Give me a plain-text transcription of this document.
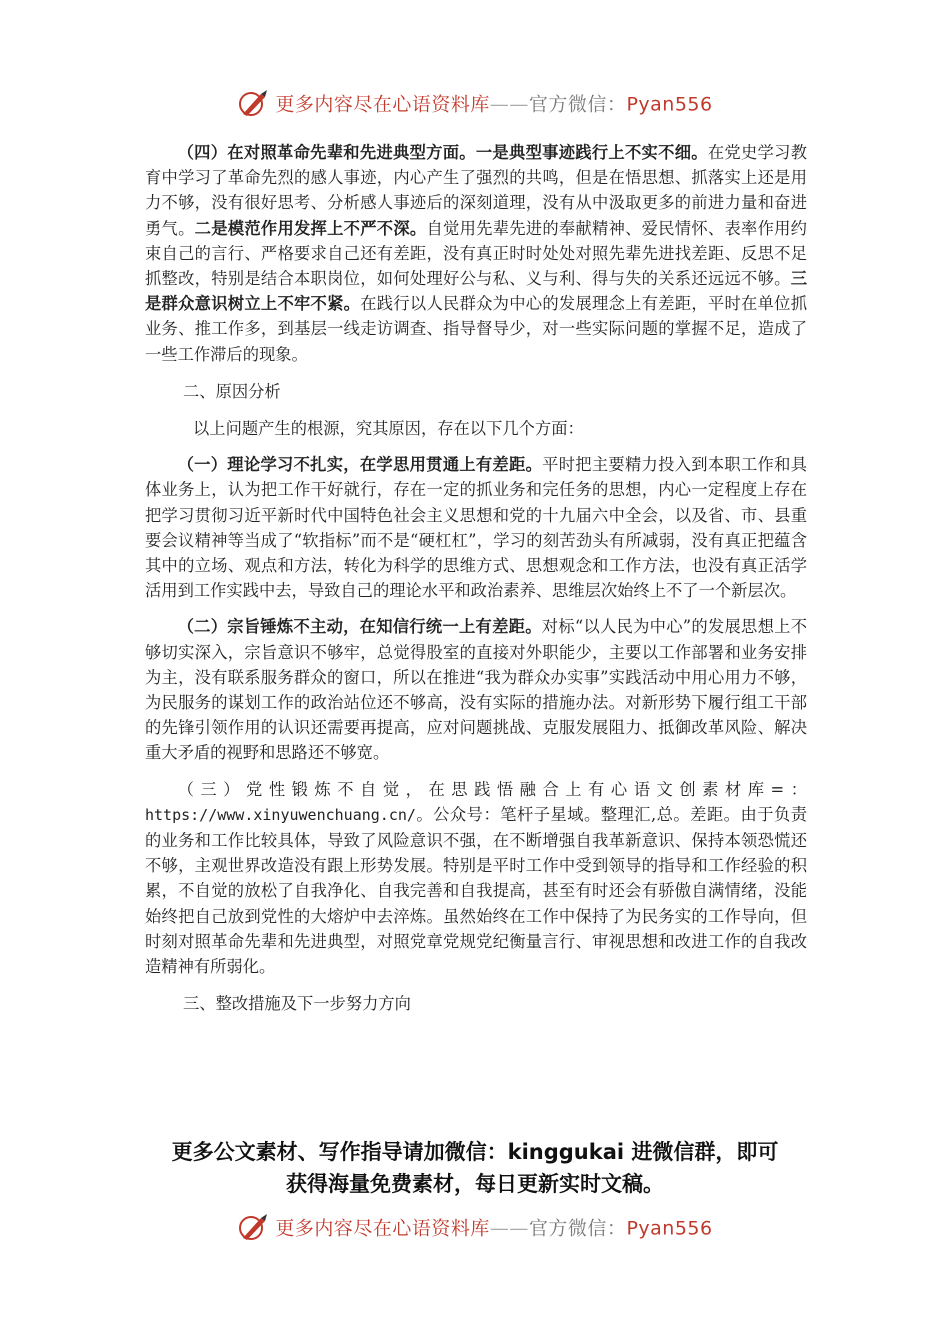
更多内容尽在心语资料库——官方微信：Pyan556

（四）在对照革命先辈和先进典型方面。一是典型事迹践行上不实不细。在党史学习教育中学习了革命先烈的感人事迹，内心产生了强烈的共鸣，但是在悟思想、抓落实上还是用力不够，没有很好思考、分析感人事迹后的深刻道理，没有从中汲取更多的前进力量和奋进勇气。二是模范作用发挥上不严不深。自觉用先辈先进的奉献精神、爱民情怀、表率作用约束自己的言行、严格要求自己还有差距，没有真正时时处处对照先辈先进找差距、反思不足抓整改，特别是结合本职岗位，如何处理好公与私、义与利、得与失的关系还远远不够。三是群众意识树立上不牢不紧。在践行以人民群众为中心的发展理念上有差距，平时在单位抓业务、推工作多，到基层一线走访调查、指导督导少，对一些实际问题的掌握不足，造成了一些工作滞后的现象。

二、原因分析

以上问题产生的根源，究其原因，存在以下几个方面：

（一）理论学习不扎实，在学思用贯通上有差距。平时把主要精力投入到本职工作和具体业务上，认为把工作干好就行，存在一定的抓业务和完任务的思想，内心一定程度上存在把学习贯彻习近平新时代中国特色社会主义思想和党的十九届六中全会，以及省、市、县重要会议精神等当成了“软指标”而不是“硬杠杠”，学习的刻苦劲头有所减弱，没有真正把蕴含其中的立场、观点和方法，转化为科学的思维方式、思想观念和工作方法，也没有真正活学活用到工作实践中去，导致自己的理论水平和政治素养、思维层次始终上不了一个新层次。

（二）宗旨锤炼不主动，在知信行统一上有差距。对标“以人民为中心”的发展思想上不够切实深入，宗旨意识不够牢，总觉得股室的直接对外职能少，主要以工作部署和业务安排为主，没有联系服务群众的窗口，所以在推进“我为群众办实事”实践活动中用心用力不够，为民服务的谋划工作的政治站位还不够高，没有实际的措施办法。对新形势下履行组工干部的先锋引领作用的认识还需要再提高，应对问题挑战、克服发展阻力、抵御改革风险、解决重大矛盾的视野和思路还不够宽。

（三）党性锻炼不自觉，在思践悟融合上有心语文创素材库=：https://www.xinyuwenchuang.cn/。公众号：笔杆子星域。整理汇,总。差距。由于负责的业务和工作比较具体，导致了风险意识不强，在不断增强自我革新意识、保持本领恐慌还不够，主观世界改造没有跟上形势发展。特别是平时工作中受到领导的指导和工作经验的积累，不自觉的放松了自我净化、自我完善和自我提高，甚至有时还会有骄傲自满情绪，没能始终把自己放到党性的大熔炉中去淬炼。虽然始终在工作中保持了为民务实的工作导向，但时刻对照革命先辈和先进典型，对照党章党规党纪衡量言行、审视思想和改进工作的自我改造精神有所弱化。

三、整改措施及下一步努力方向

更多公文素材、写作指导请加微信：kinggukai 进微信群，即可
获得海量免费素材，每日更新实时文稿。
更多内容尽在心语资料库——官方微信：Pyan556
